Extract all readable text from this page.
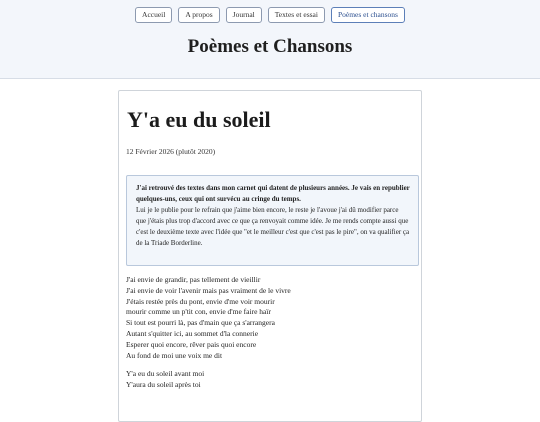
Accueil	A propos	Journal	Textes et essai	Poèmes et chansons
Poèmes et Chansons
Y'a eu du soleil
12 Février 2026 (plutôt 2020)
J'ai retrouvé des textes dans mon carnet qui datent de plusieurs années. Je vais en republier quelques-uns, ceux qui ont survécu au cringe du temps.
Lui je le publie pour le refrain que j'aime bien encore, le reste je l'avoue j'ai dû modifier parce que j'étais plus trop d'accord avec ce que ça renvoyait comme idée. Je me rends compte aussi que c'est le deuxième texte avec l'idée que "et le meilleur c'est que c'est pas le pire", on va qualifier ça de la Triade Borderline.

J'ai envie de grandir, pas tellement de vieillir

J'ai envie de voir l'avenir mais pas vraiment de le vivre

J'étais restée près du pont, envie d'me voir mourir

mourir comme un p'tit con, envie d'me faire haïr

Si tout est pourri là, pas d'main que ça s'arrangera

Autant s'quitter ici, au sommet d'la connerie

Esperer quoi encore, rêver pais quoi encore

Au fond de moi une voix me dit

Y'a eu du soleil avant moi

Y'aura du soleil après toi
